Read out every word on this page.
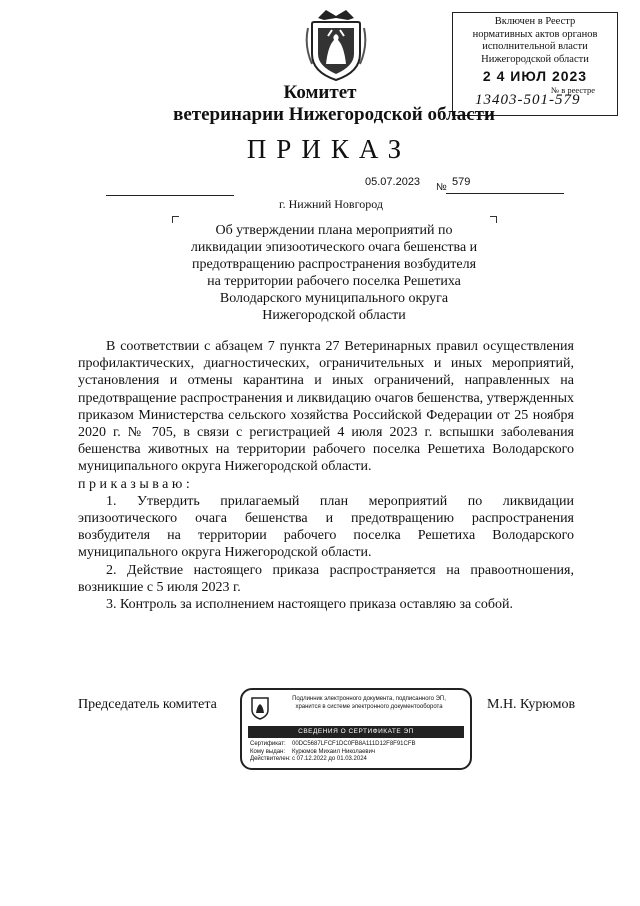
Включен в Реестр
нормативных актов органов
исполнительной власти
Нижегородской области
2 4 ИЮЛ 2023
№ в реестре
13403-501-579
Комитет
ветеринарии Нижегородской области
ПРИКАЗ
05.07.2023 № 579
г. Нижний Новгород
Об утверждении плана мероприятий по
ликвидации эпизоотического очага бешенства и
предотвращению распространения возбудителя
на территории рабочего поселка Решетиха
Володарского муниципального округа
Нижегородской области

В соответствии с абзацем 7 пункта 27 Ветеринарных правил осуществления профилактических, диагностических, ограничительных и иных мероприятий, установления и отмены карантина и иных ограничений, направленных на предотвращение распространения и ликвидацию очагов бешенства, утвержденных приказом Министерства сельского хозяйства Российской Федерации от 25 ноября 2020 г. № 705, в связи с регистрацией 4 июля 2023 г. вспышки заболевания бешенства животных на территории рабочего поселка Решетиха Володарского муниципального округа Нижегородской области.

приказываю:

1. Утвердить прилагаемый план мероприятий по ликвидации эпизоотического очага бешенства и предотвращению распространения возбудителя на территории рабочего поселка Решетиха Володарского муниципального округа Нижегородской области.

2. Действие настоящего приказа распространяется на правоотношения, возникшие с 5 июля 2023 г.

3. Контроль за исполнением настоящего приказа оставляю за собой.

Председатель комитета	М.Н. Курюмов
Подлинник электронного документа, подписанного ЭП,
хранится в системе электронного документооборота
СВЕДЕНИЯ О СЕРТИФИКАТЕ ЭП
Сертификат: 00DC5687LFCF1DC0FB8A111D12F8F91CFB
Кому выдан: Курюмов Михаил Николаевич
Действителен:с 07.12.2022 до 01.03.2024
